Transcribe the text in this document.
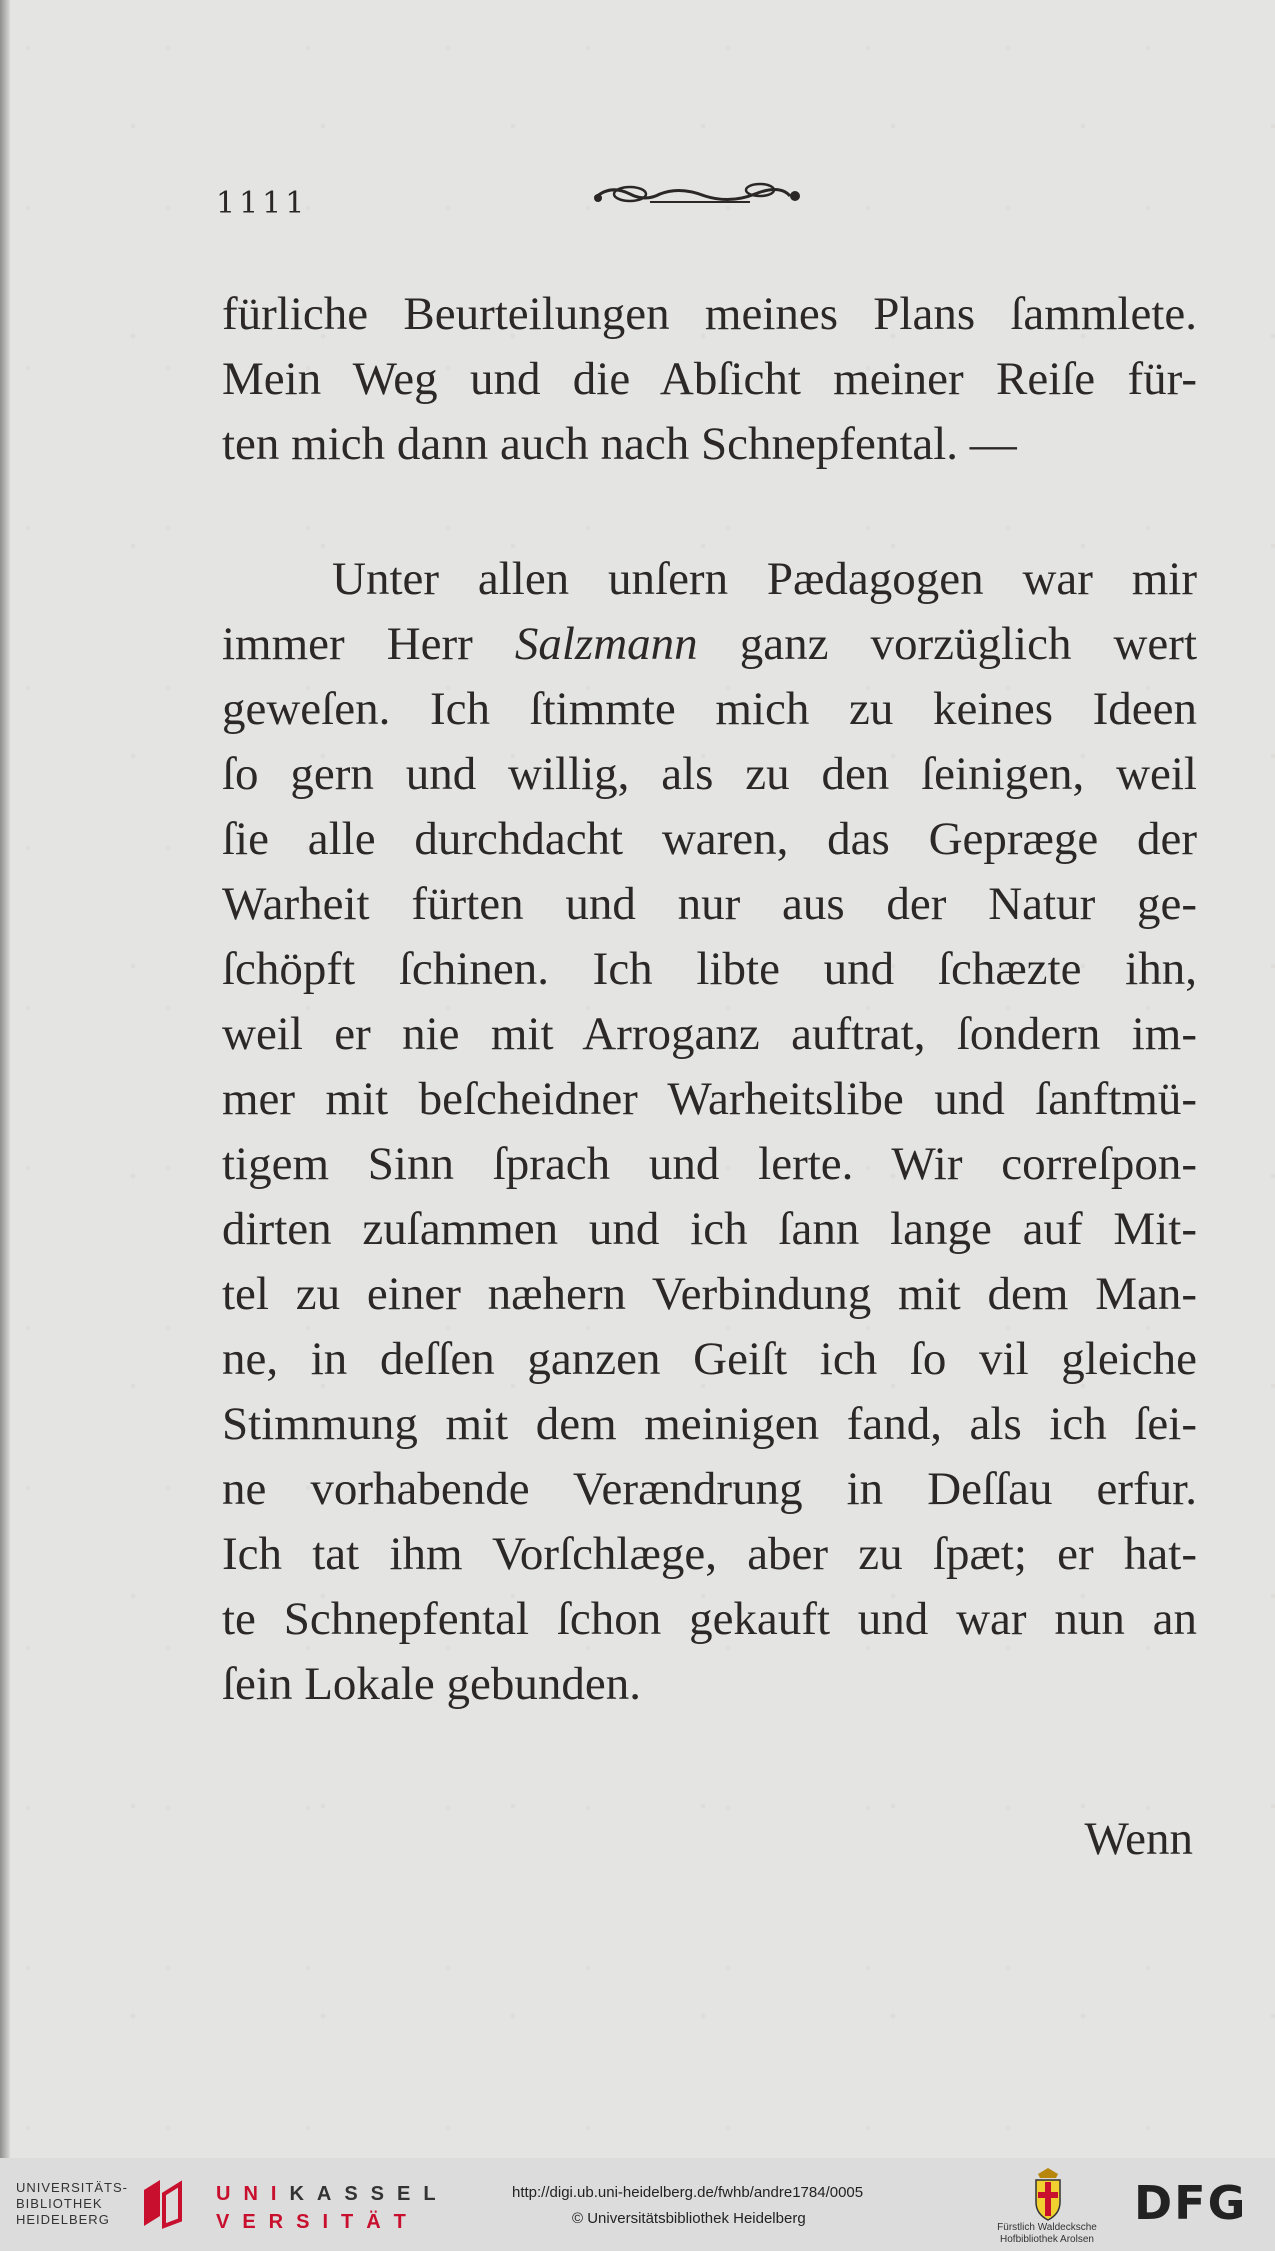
1111
fürliche Beurteilungen meines Plans ſammlete.
Mein Weg und die Abſicht meiner Reiſe für-
ten mich dann auch nach Schnepfental. —
Unter allen unſern Pædagogen war mir
immer Herr Salzmann ganz vorzüglich wert
geweſen. Ich ſtimmte mich zu keines Ideen
ſo gern und willig, als zu den ſeinigen, weil
ſie alle durchdacht waren, das Gepræge der
Warheit fürten und nur aus der Natur ge-
ſchöpft ſchinen. Ich libte und ſchæzte ihn,
weil er nie mit Arroganz auftrat, ſondern im-
mer mit beſcheidner Warheitslibe und ſanftmü-
tigem Sinn ſprach und lerte. Wir correſpon-
dirten zuſammen und ich ſann lange auf Mit-
tel zu einer næhern Verbindung mit dem Man-
ne, in deſſen ganzen Geiſt ich ſo vil gleiche
Stimmung mit dem meinigen fand, als ich ſei-
ne vorhabende Verændrung in Deſſau erfur.
Ich tat ihm Vorſchlæge, aber zu ſpæt; er hat-
te Schnepfental ſchon gekauft und war nun an
ſein Lokale gebunden.
Wenn
UNIVERSITÄTS-
BIBLIOTHEK
HEIDELBERG
UNIKASSEL
VERSITÄT
http://digi.ub.uni-heidelberg.de/fwhb/andre1784/0005
© Universitätsbibliothek Heidelberg
Fürstlich Waldecksche
Hofbibliothek Arolsen
DFG
